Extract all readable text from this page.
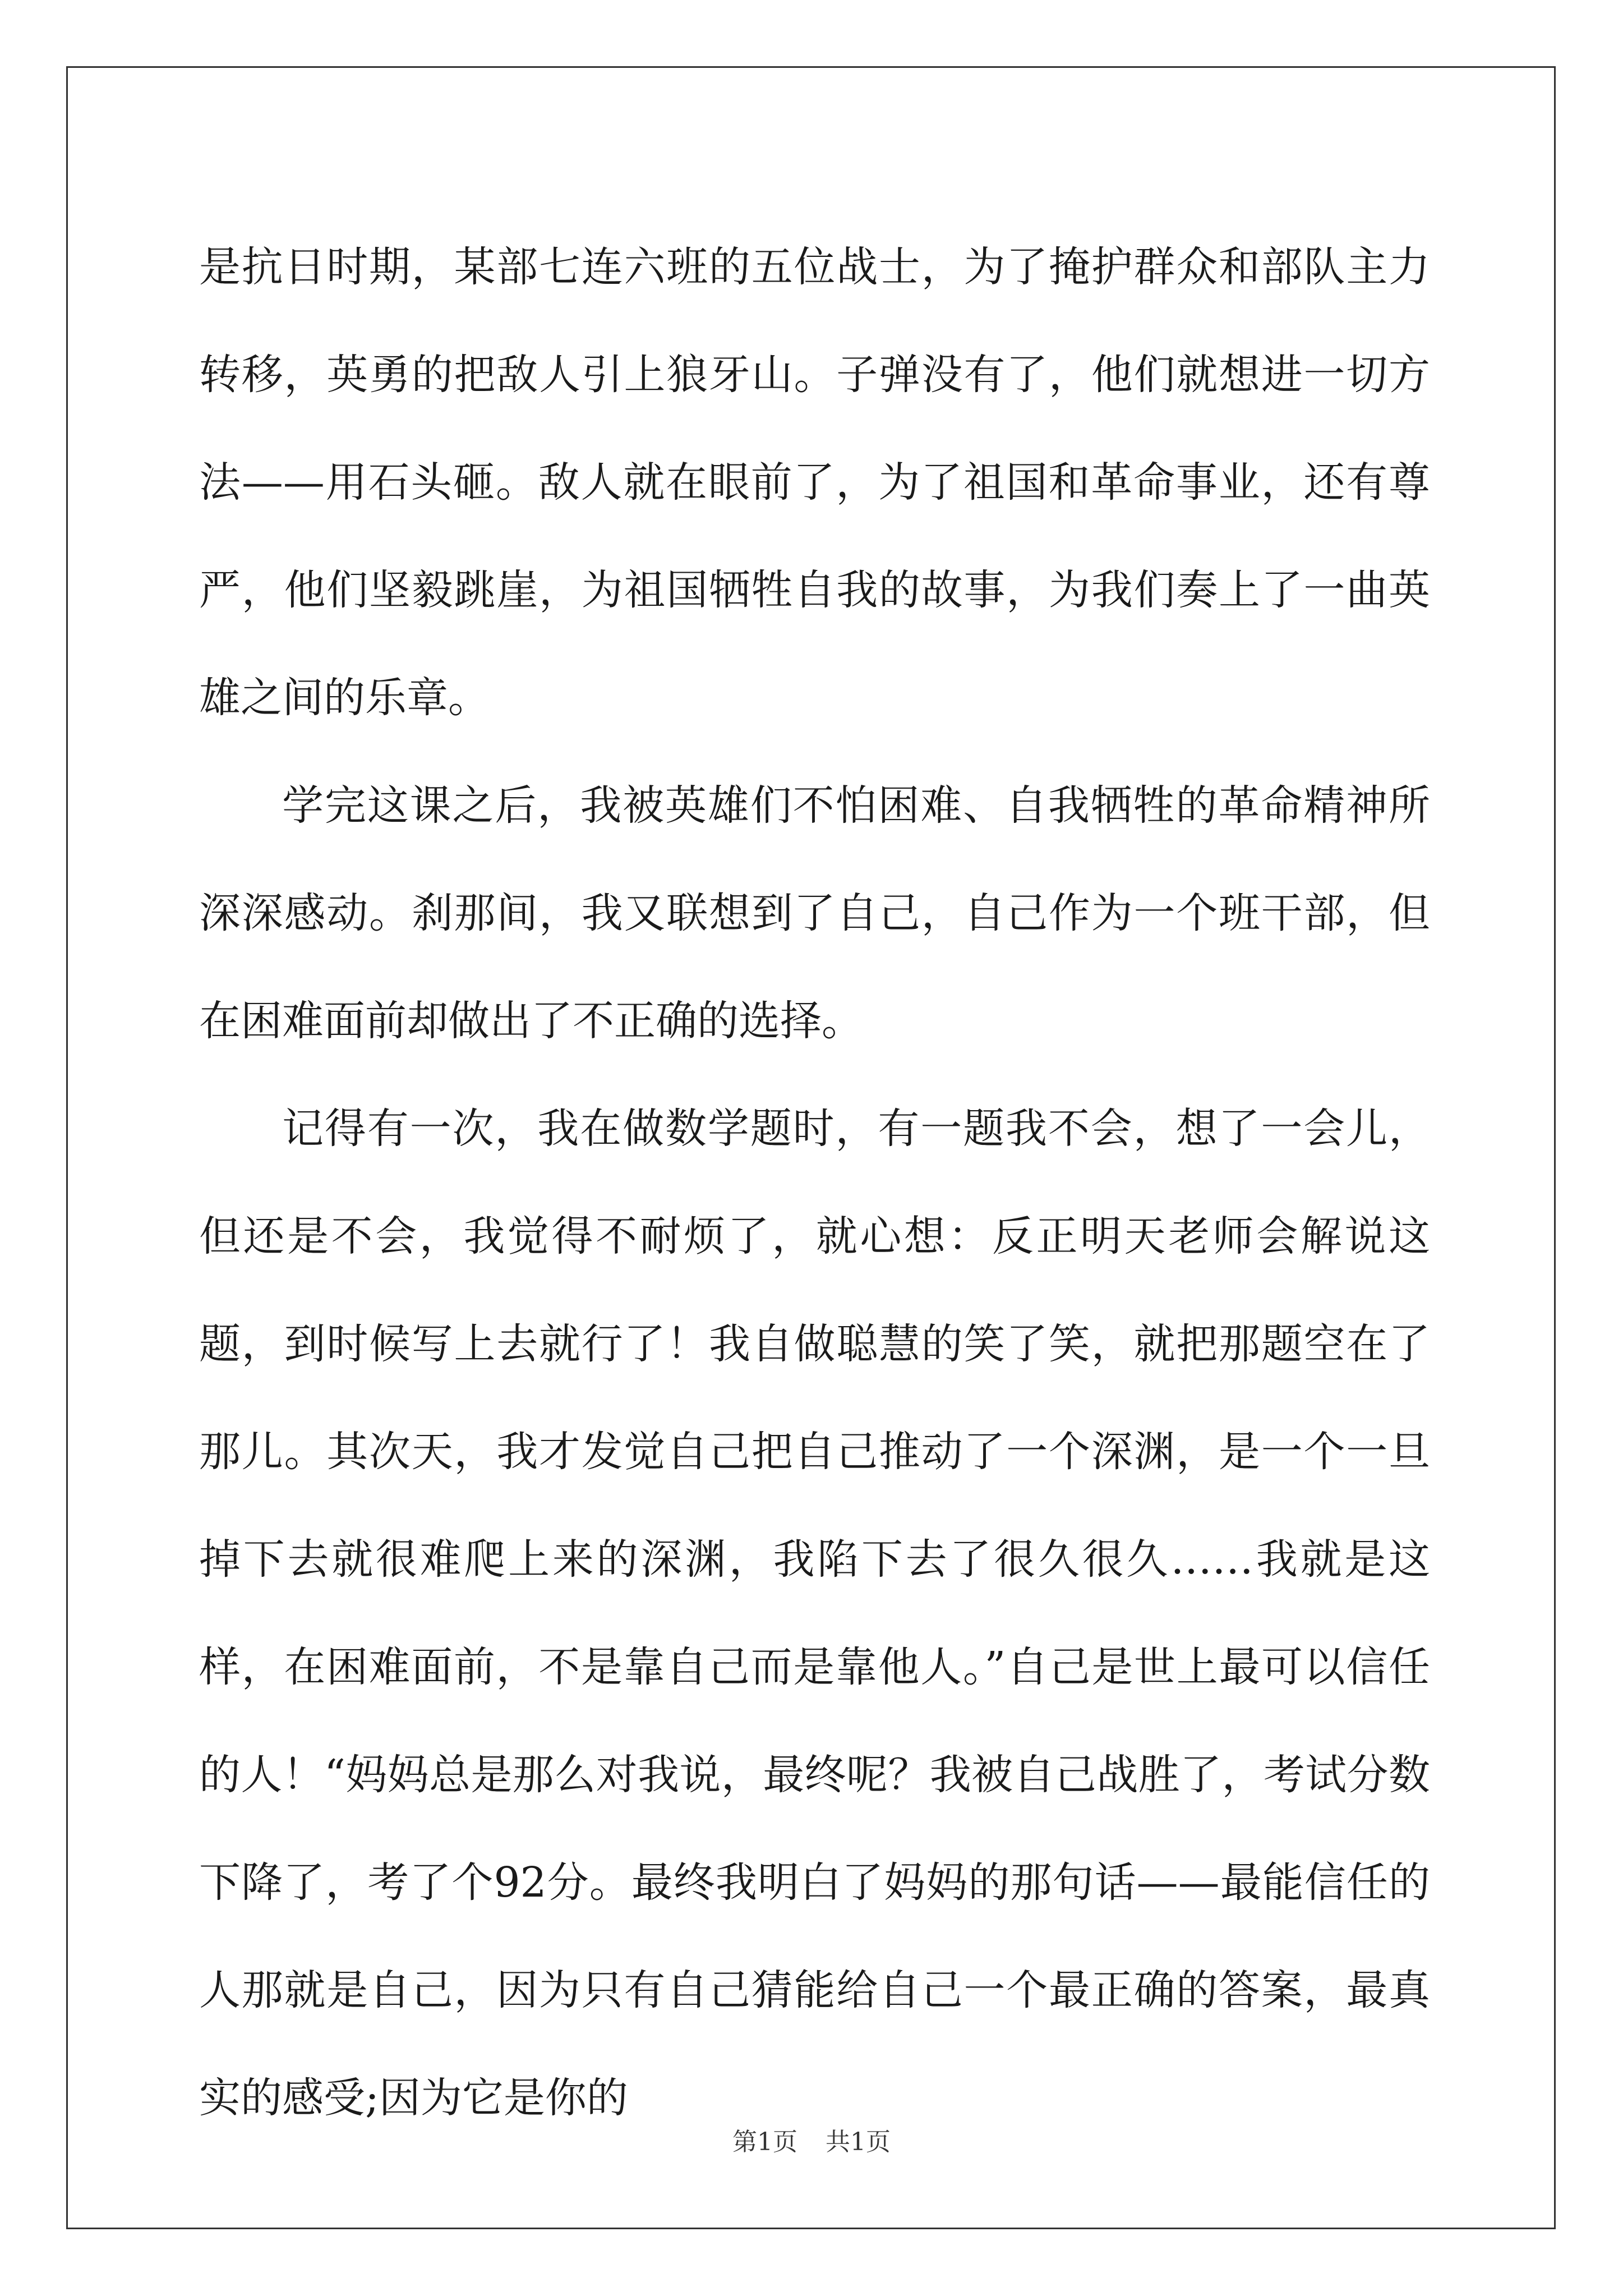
是抗日时期，某部七连六班的五位战士，为了掩护群众和部队主力转移，英勇的把敌人引上狼牙山。子弹没有了，他们就想进一切方法——用石头砸。敌人就在眼前了，为了祖国和革命事业，还有尊严，他们坚毅跳崖，为祖国牺牲自我的故事，为我们奏上了一曲英雄之间的乐章。

学完这课之后，我被英雄们不怕困难、自我牺牲的革命精神所深深感动。刹那间，我又联想到了自己，自己作为一个班干部，但在困难面前却做出了不正确的选择。

记得有一次，我在做数学题时，有一题我不会，想了一会儿，但还是不会，我觉得不耐烦了，就心想：反正明天老师会解说这题，到时候写上去就行了！我自做聪慧的笑了笑，就把那题空在了那儿。其次天，我才发觉自己把自己推动了一个深渊，是一个一旦掉下去就很难爬上来的深渊，我陷下去了很久很久……我就是这样，在困难面前，不是靠自己而是靠他人。”自己是世上最可以信任的人！“妈妈总是那么对我说，最终呢？我被自己战胜了，考试分数下降了，考了个92分。最终我明白了妈妈的那句话——最能信任的人那就是自己，因为只有自己猜能给自己一个最正确的答案，最真实的感受;因为它是你的

第1页 共1页
